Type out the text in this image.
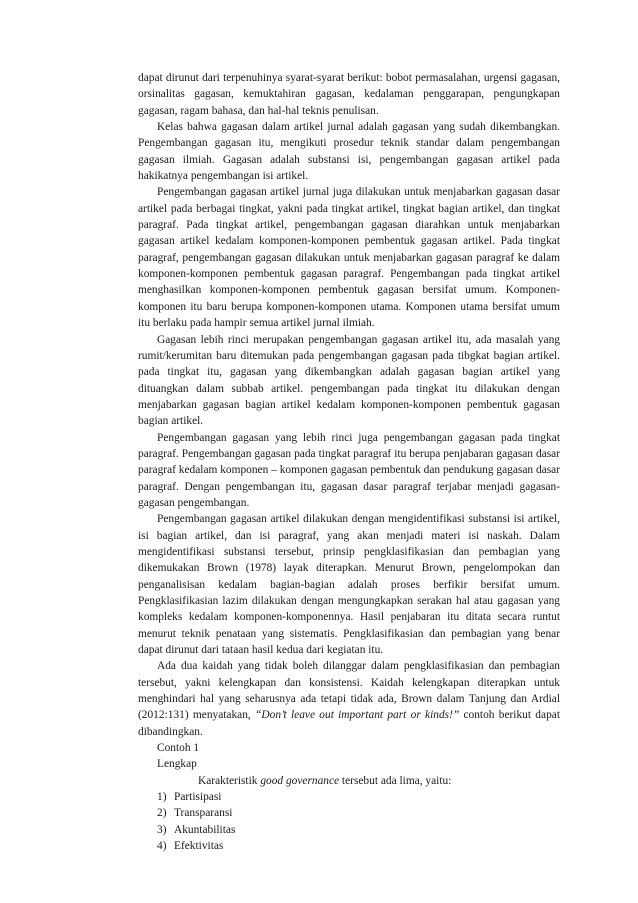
dapat dirunut dari terpenuhinya syarat-syarat berikut: bobot permasalahan, urgensi gagasan, orsinalitas gagasan, kemuktahiran gagasan, kedalaman penggarapan, pengungkapan gagasan, ragam bahasa, dan hal-hal teknis penulisan.

Kelas bahwa gagasan dalam artikel jurnal adalah gagasan yang sudah dikembangkan. Pengembangan gagasan itu, mengikuti prosedur teknik standar dalam pengembangan gagasan ilmiah. Gagasan adalah substansi isi, pengembangan gagasan artikel pada hakikatnya pengembangan isi artikel.

Pengembangan gagasan artikel jurnal juga dilakukan untuk menjabarkan gagasan dasar artikel pada berbagai tingkat, yakni pada tingkat artikel, tingkat bagian artikel, dan tingkat paragraf. Pada tingkat artikel, pengembangan gagasan diarahkan untuk menjabarkan gagasan artikel kedalam komponen-komponen pembentuk gagasan artikel. Pada tingkat paragraf, pengembangan gagasan dilakukan untuk menjabarkan gagasan paragraf ke dalam komponen-komponen pembentuk gagasan paragraf. Pengembangan pada tingkat artikel menghasilkan komponen-komponen pembentuk gagasan bersifat umum. Komponen-komponen itu baru berupa komponen-komponen utama. Komponen utama bersifat umum itu berlaku pada hampir semua artikel jurnal ilmiah.

Gagasan lebih rinci merupakan pengembangan gagasan artikel itu, ada masalah yang rumit/kerumitan baru ditemukan pada pengembangan gagasan pada tibgkat bagian artikel. pada tingkat itu, gagasan yang dikembangkan adalah gagasan bagian artikel yang dituangkan dalam subbab artikel. pengembangan pada tingkat itu dilakukan dengan menjabarkan gagasan bagian artikel kedalam komponen-komponen pembentuk gagasan bagian artikel.

Pengembangan gagasan yang lebih rinci juga pengembangan gagasan pada tingkat paragraf. Pengembangan gagasan pada tingkat paragraf itu berupa penjabaran gagasan dasar paragraf kedalam komponen – komponen gagasan pembentuk dan pendukung gagasan dasar paragraf. Dengan pengembangan itu, gagasan dasar paragraf terjabar menjadi gagasan-gagasan pengembangan.

Pengembangan gagasan artikel dilakukan dengan mengidentifikasi substansi isi artikel, isi bagian artikel, dan isi paragraf, yang akan menjadi materi isi naskah. Dalam mengidentifikasi substansi tersebut, prinsip pengklasifikasian dan pembagian yang dikemukakan Brown (1978) layak diterapkan. Menurut Brown, pengelompokan dan penganalisisan kedalam bagian-bagian adalah proses berfikir bersifat umum. Pengklasifikasian lazim dilakukan dengan mengungkapkan serakan hal atau gagasan yang kompleks kedalam komponen-komponennya. Hasil penjabaran itu ditata secara runtut menurut teknik penataan yang sistematis. Pengklasifikasian dan pembagian yang benar dapat dirunut dari tataan hasil kedua dari kegiatan itu.

Ada dua kaidah yang tidak boleh dilanggar dalam pengklasifikasian dan pembagian tersebut, yakni kelengkapan dan konsistensi. Kaidah kelengkapan diterapkan untuk menghindari hal yang seharusnya ada tetapi tidak ada, Brown dalam Tanjung dan Ardial (2012:131) menyatakan, “Don’t leave out important part or kinds!” contoh berikut dapat dibandingkan.

Contoh 1
Lengkap
Karakteristik good governance tersebut ada lima, yaitu:
1) Partisipasi
2) Transparansi
3) Akuntabilitas
4) Efektivitas
